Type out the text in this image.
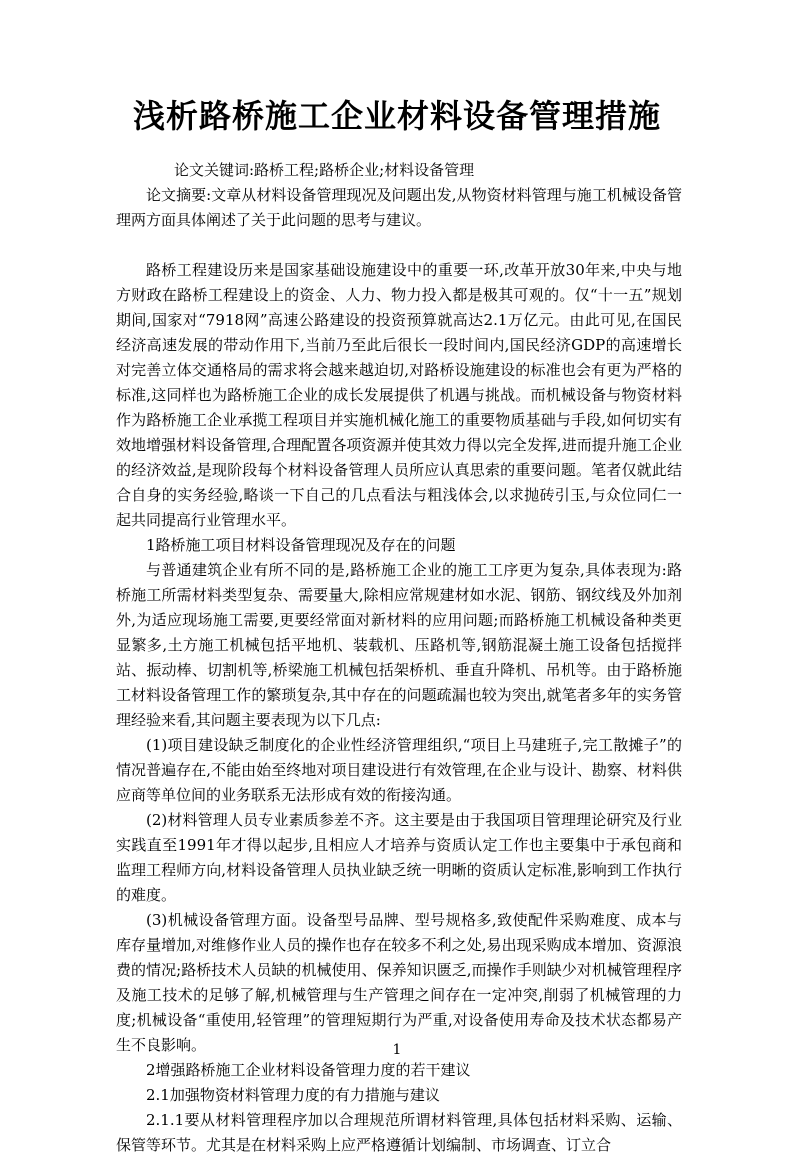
浅析路桥施工企业材料设备管理措施

论文关键词:路桥工程;路桥企业;材料设备管理

论文摘要:文章从材料设备管理现况及问题出发,从物资材料管理与施工机械设备管理两方面具体阐述了关于此问题的思考与建议。

路桥工程建设历来是国家基础设施建设中的重要一环,改革开放30年来,中央与地方财政在路桥工程建设上的资金、人力、物力投入都是极其可观的。仅“十一五”规划期间,国家对“7918网”高速公路建设的投资预算就高达2.1万亿元。由此可见,在国民经济高速发展的带动作用下,当前乃至此后很长一段时间内,国民经济GDP的高速增长对完善立体交通格局的需求将会越来越迫切,对路桥设施建设的标准也会有更为严格的标准,这同样也为路桥施工企业的成长发展提供了机遇与挑战。而机械设备与物资材料作为路桥施工企业承揽工程项目并实施机械化施工的重要物质基础与手段,如何切实有效地增强材料设备管理,合理配置各项资源并使其效力得以完全发挥,进而提升施工企业的经济效益,是现阶段每个材料设备管理人员所应认真思索的重要问题。笔者仅就此结合自身的实务经验,略谈一下自己的几点看法与粗浅体会,以求抛砖引玉,与众位同仁一起共同提高行业管理水平。

1路桥施工项目材料设备管理现况及存在的问题

与普通建筑企业有所不同的是,路桥施工企业的施工工序更为复杂,具体表现为:路桥施工所需材料类型复杂、需要量大,除相应常规建材如水泥、钢筋、钢纹线及外加剂外,为适应现场施工需要,更要经常面对新材料的应用问题;而路桥施工机械设备种类更显繁多,土方施工机械包括平地机、装载机、压路机等,钢筋混凝土施工设备包括搅拌站、振动棒、切割机等,桥梁施工机械包括架桥机、垂直升降机、吊机等。由于路桥施工材料设备管理工作的繁琐复杂,其中存在的问题疏漏也较为突出,就笔者多年的实务管理经验来看,其问题主要表现为以下几点:

(1)项目建设缺乏制度化的企业性经济管理组织,“项目上马建班子,完工散摊子”的情况普遍存在,不能由始至终地对项目建设进行有效管理,在企业与设计、勘察、材料供应商等单位间的业务联系无法形成有效的衔接沟通。

(2)材料管理人员专业素质参差不齐。这主要是由于我国项目管理理论研究及行业实践直至1991年才得以起步,且相应人才培养与资质认定工作也主要集中于承包商和监理工程师方向,材料设备管理人员执业缺乏统一明晰的资质认定标准,影响到工作执行的难度。

(3)机械设备管理方面。设备型号品牌、型号规格多,致使配件采购难度、成本与库存量增加,对维修作业人员的操作也存在较多不利之处,易出现采购成本增加、资源浪费的情况;路桥技术人员缺的机械使用、保养知识匮乏,而操作手则缺少对机械管理程序及施工技术的足够了解,机械管理与生产管理之间存在一定冲突,削弱了机械管理的力度;机械设备“重使用,轻管理”的管理短期行为严重,对设备使用寿命及技术状态都易产生不良影响。

2增强路桥施工企业材料设备管理力度的若干建议

2.1加强物资材料管理力度的有力措施与建议

2.1.1要从材料管理程序加以合理规范所谓材料管理,具体包括材料采购、运输、保管等环节。尤其是在材料采购上应严格遵循计划编制、市场调查、订立合

1
